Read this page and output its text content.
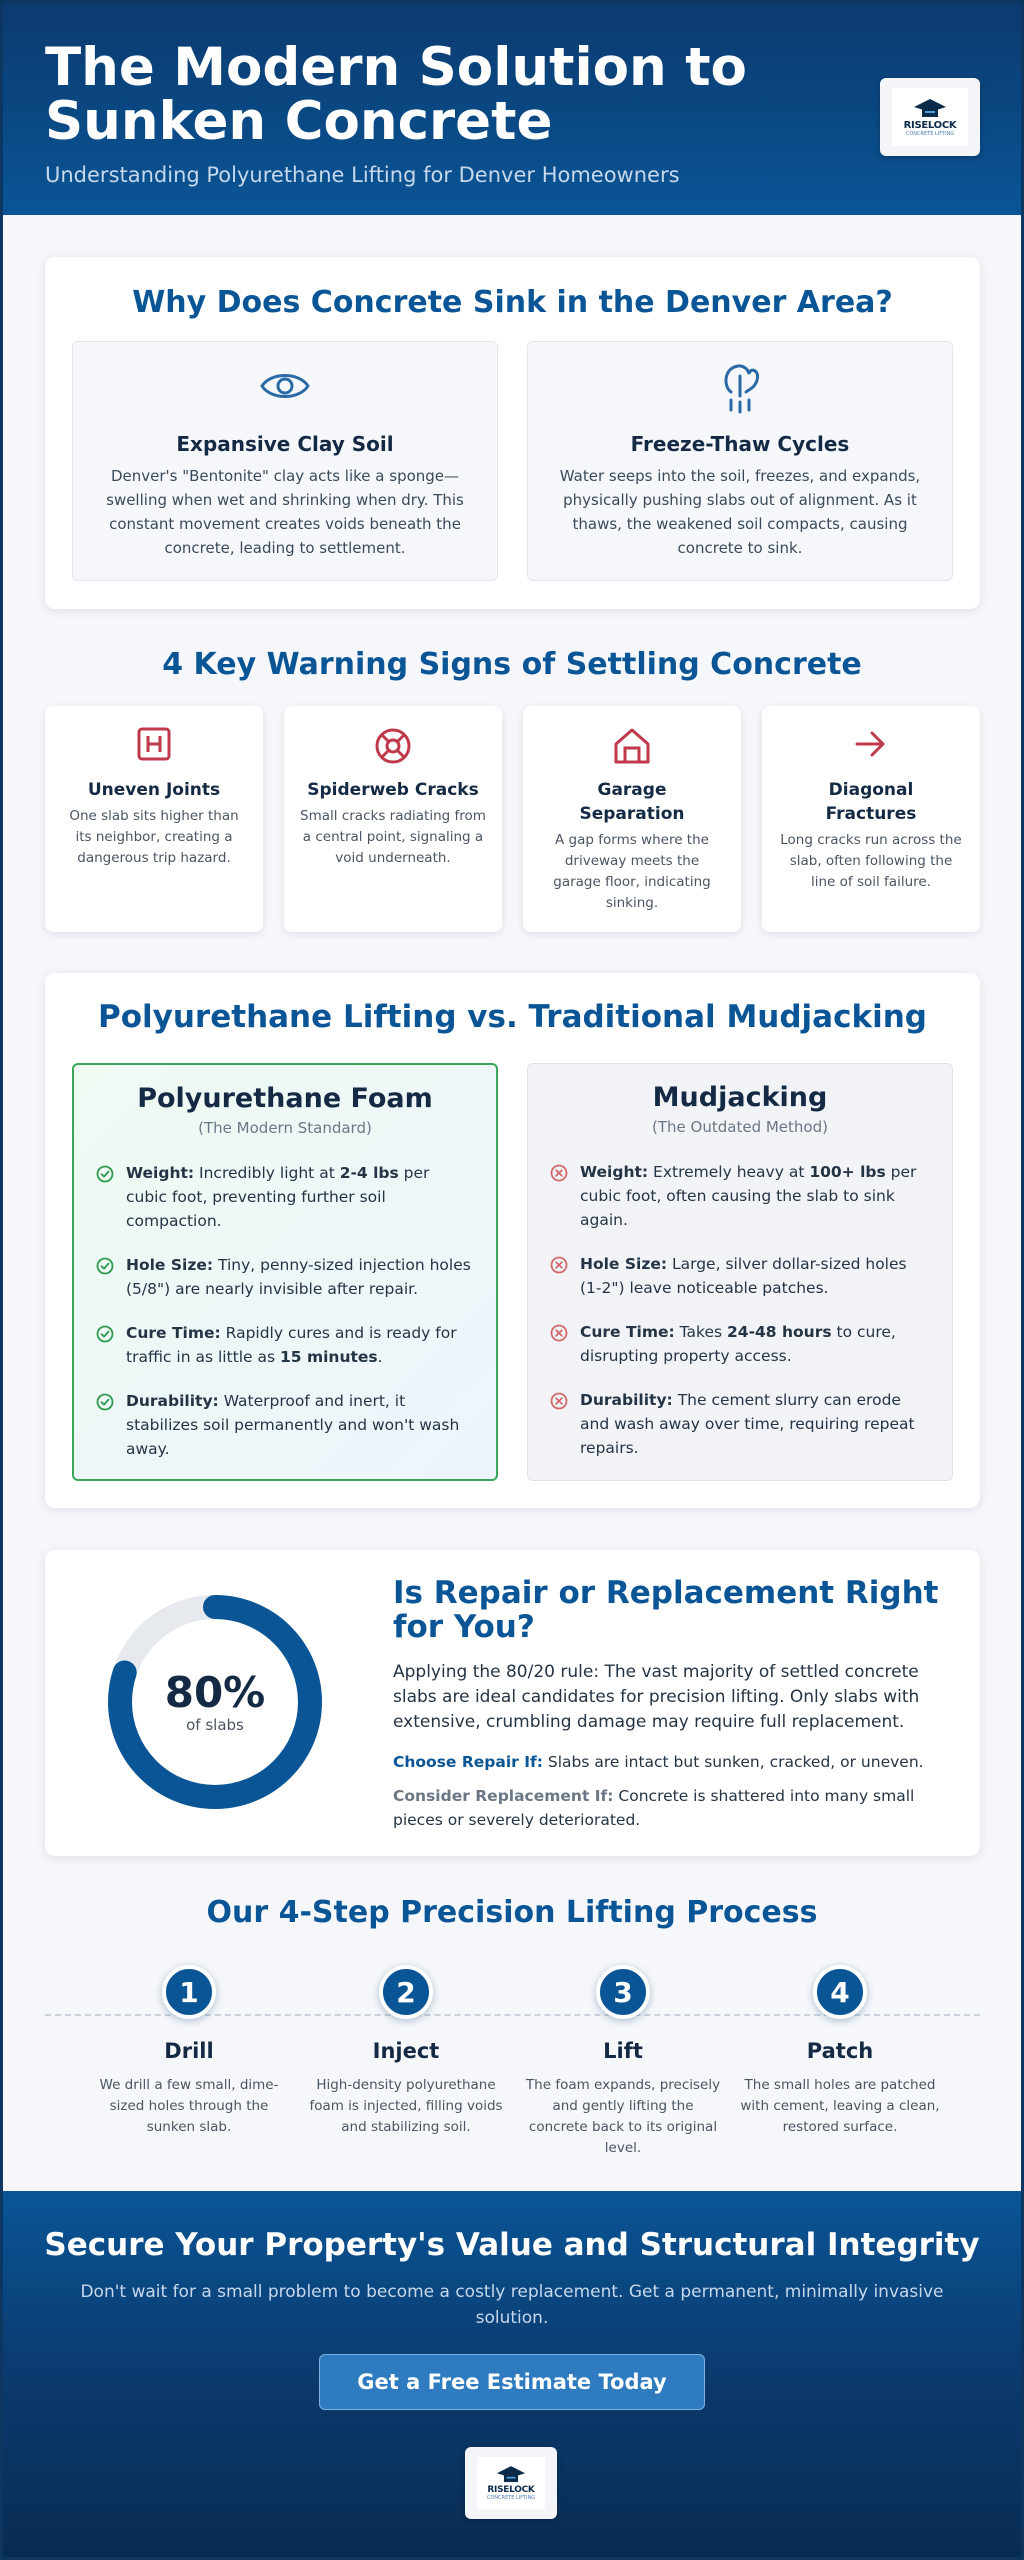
The Modern Solution to Sunken Concrete
Understanding Polyurethane Lifting for Denver Homeowners
RISELOCK
CONCRETE LIFTING
Why Does Concrete Sink in the Denver Area?
Expansive Clay Soil

Denver's "Bentonite" clay acts like a sponge—swelling when wet and shrinking when dry. This constant movement creates voids beneath the concrete, leading to settlement.

Freeze-Thaw Cycles

Water seeps into the soil, freezes, and expands, physically pushing slabs out of alignment. As it thaws, the weakened soil compacts, causing concrete to sink.

4 Key Warning Signs of Settling Concrete
Uneven Joints

One slab sits higher than its neighbor, creating a dangerous trip hazard.

Spiderweb Cracks

Small cracks radiating from a central point, signaling a void underneath.

Garage Separation

A gap forms where the driveway meets the garage floor, indicating sinking.

Diagonal Fractures

Long cracks run across the slab, often following the line of soil failure.

Polyurethane Lifting vs. Traditional Mudjacking
Polyurethane Foam
(The Modern Standard)
Weight: Incredibly light at 2-4 lbs per cubic foot, preventing further soil compaction.
Hole Size: Tiny, penny-sized injection holes (5/8") are nearly invisible after repair.
Cure Time: Rapidly cures and is ready for traffic in as little as 15 minutes.
Durability: Waterproof and inert, it stabilizes soil permanently and won't wash away.
Mudjacking
(The Outdated Method)
Weight: Extremely heavy at 100+ lbs per cubic foot, often causing the slab to sink again.
Hole Size: Large, silver dollar-sized holes (1-2") leave noticeable patches.
Cure Time: Takes 24-48 hours to cure, disrupting property access.
Durability: The cement slurry can erode and wash away over time, requiring repeat repairs.
80%
of slabs
Is Repair or Replacement Right for You?
Applying the 80/20 rule: The vast majority of settled concrete slabs are ideal candidates for precision lifting. Only slabs with extensive, crumbling damage may require full replacement.
Choose Repair If: Slabs are intact but sunken, cracked, or uneven.
Consider Replacement If: Concrete is shattered into many small pieces or severely deteriorated.
Our 4-Step Precision Lifting Process
1
Drill

We drill a few small, dime-sized holes through the sunken slab.

2
Inject

High-density polyurethane foam is injected, filling voids and stabilizing soil.

3
Lift

The foam expands, precisely and gently lifting the concrete back to its original level.

4
Patch

The small holes are patched with cement, leaving a clean, restored surface.

Secure Your Property's Value and Structural Integrity

Don't wait for a small problem to become a costly replacement. Get a permanent, minimally invasive solution.

Get a Free Estimate Today
RISELOCK
CONCRETE LIFTING
